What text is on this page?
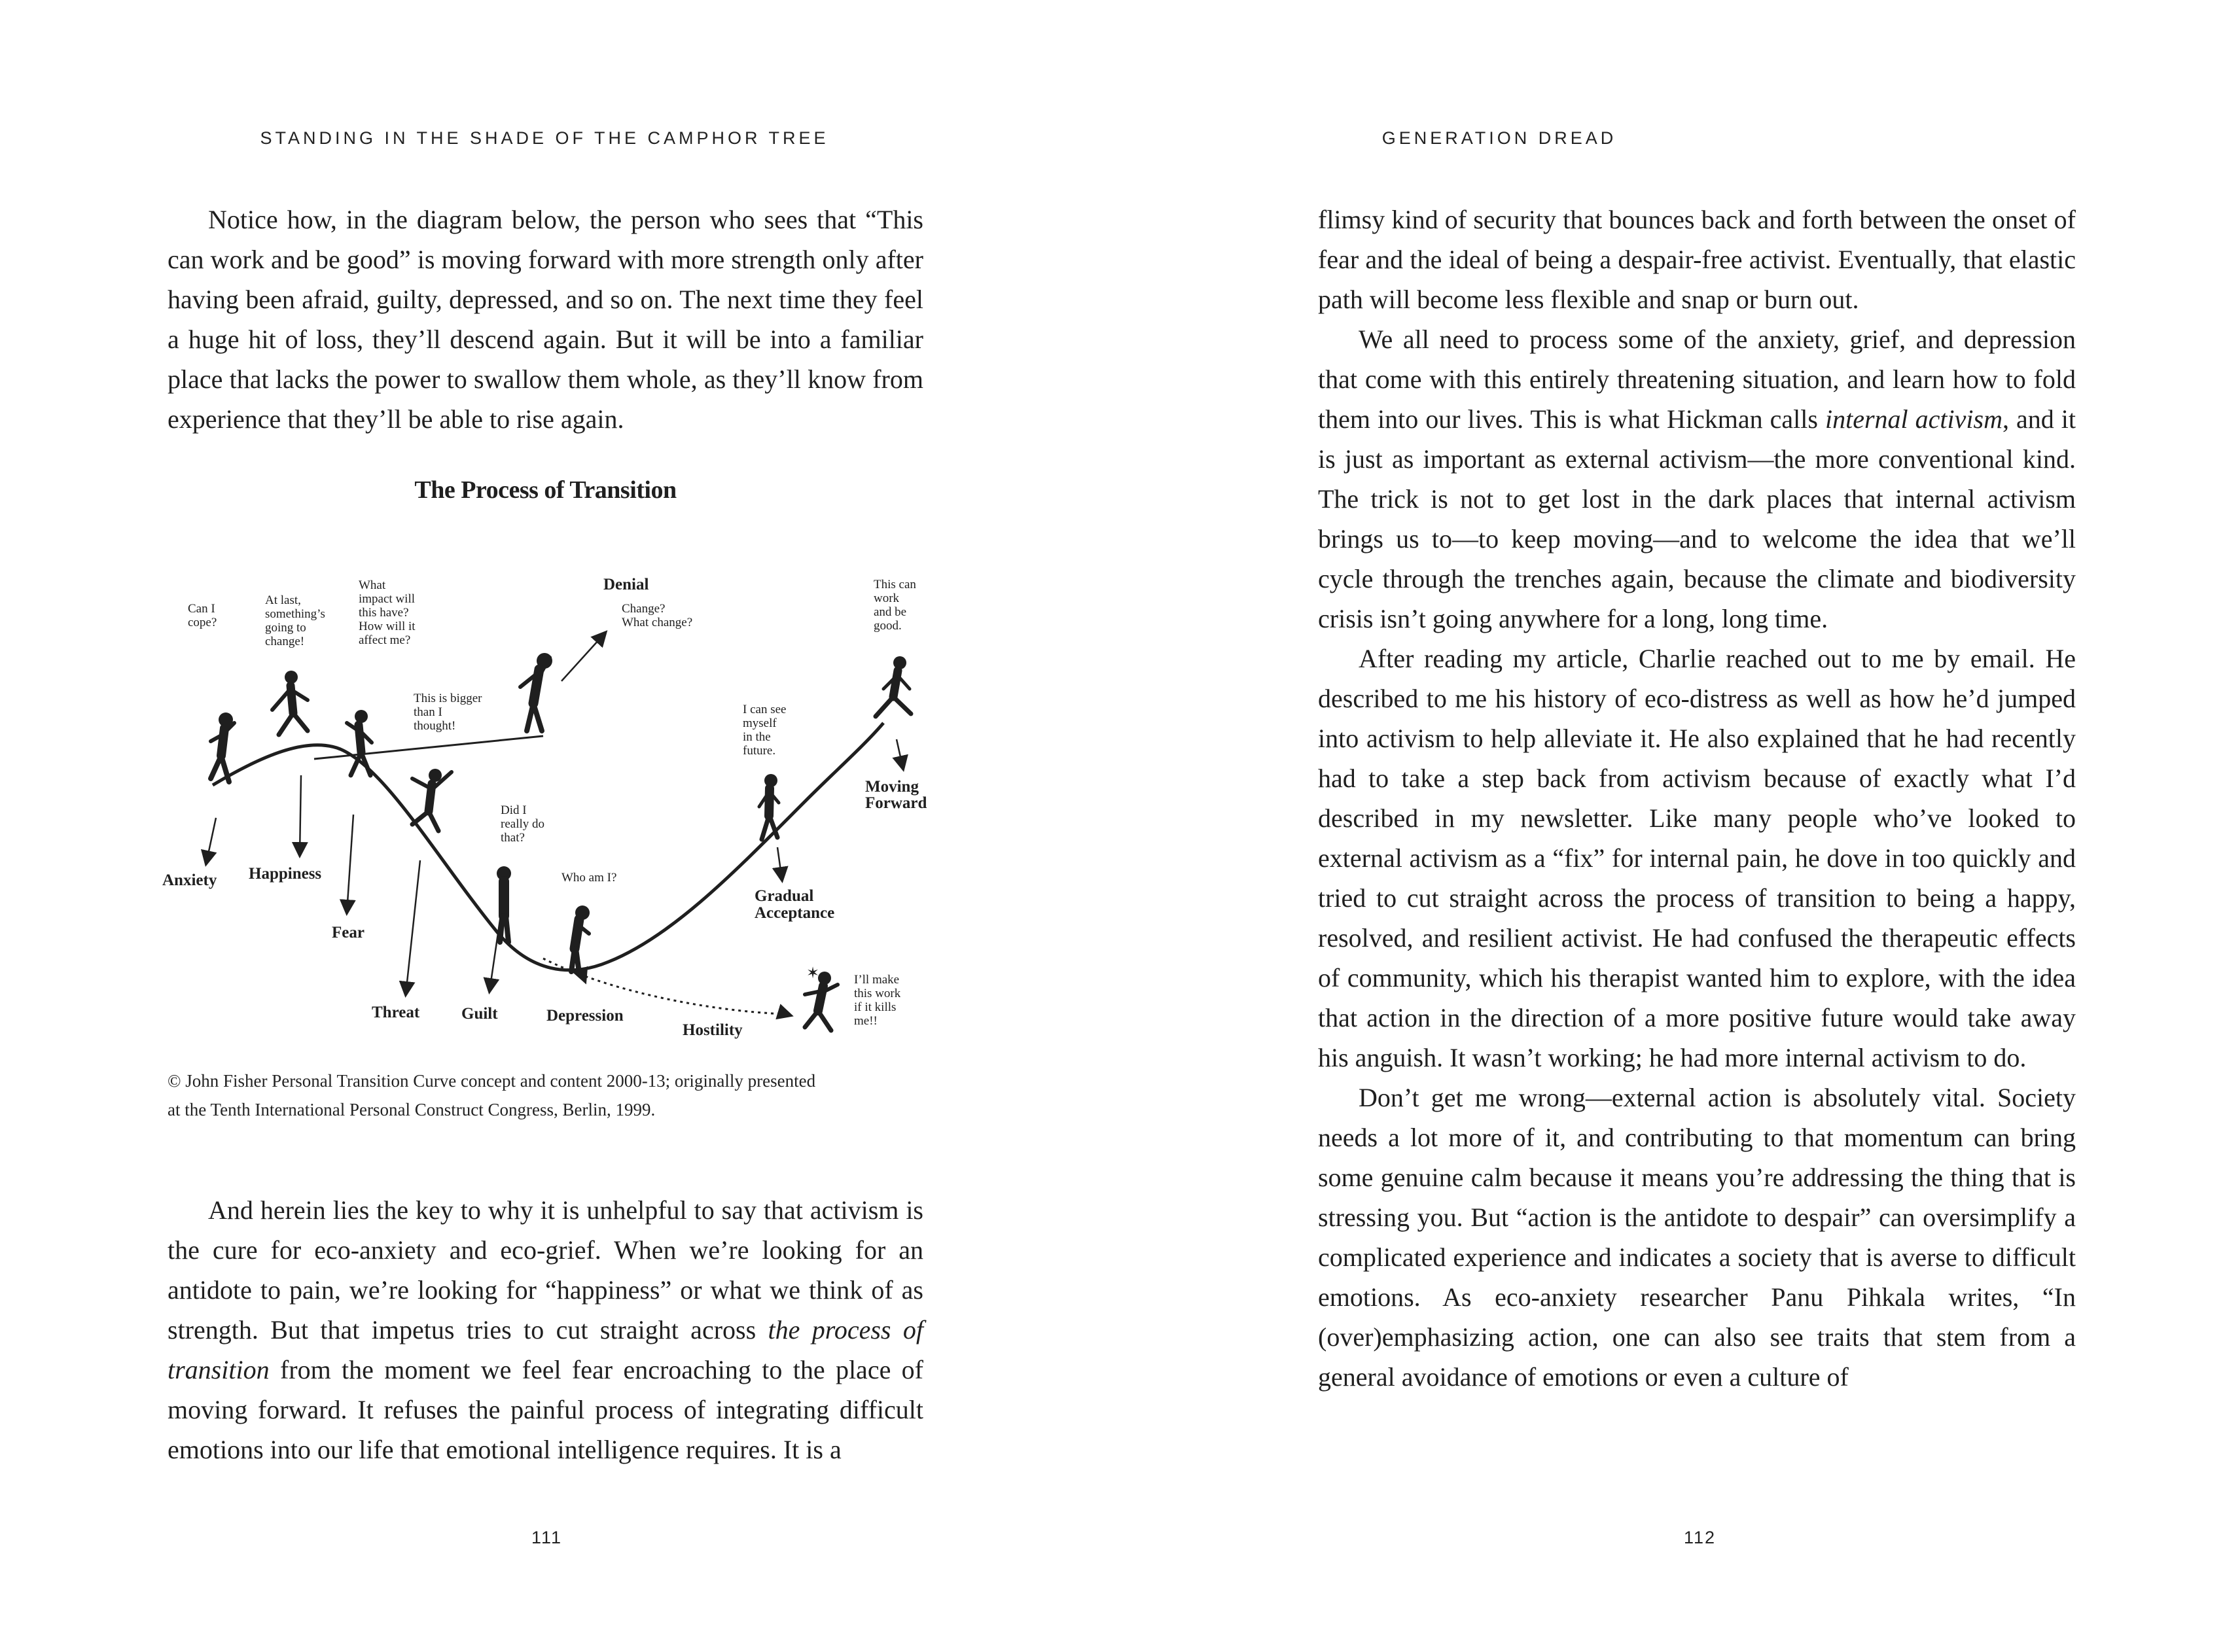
STANDING IN THE SHADE OF THE CAMPHOR TREE

Notice how, in the diagram below, the person who sees that “This can work and be good” is moving forward with more strength only after having been afraid, guilty, depressed, and so on. The next time they feel a huge hit of loss, they’ll descend again. But it will be into a familiar place that lacks the power to swallow them whole, as they’ll know from experience that they’ll be able to rise again.

The Process of Transition
✶
Anxiety Happiness
Fear
Threat	Guilt	Depression
Hostility
Denial
Gradual
Acceptance
Moving
Forward
Can I
cope?
At last,
something’s
going to
change!
What
impact will
this have?
How will it
affect me?
This is bigger
than I
thought!
Change?
What change?
Did I
really do
that?
Who am I?
I can see
myself
in the
future.
This can
work
and be
good.
I’ll make
this work
if it kills
me!!

© John Fisher Personal Transition Curve concept and content 2000-13; originally presented

at the Tenth International Personal Construct Congress, Berlin, 1999.

And herein lies the key to why it is unhelpful to say that activism is the cure for eco-anxiety and eco-grief. When we’re looking for an antidote to pain, we’re looking for “happiness” or what we think of as strength. But that impetus tries to cut straight across the process of transition from the moment we feel fear encroaching to the place of moving forward. It refuses the painful process of integrating difficult emotions into our life that emotional intelligence requires. It is a

111
GENERATION DREAD

flimsy kind of security that bounces back and forth between the onset of fear and the ideal of being a despair-free activist. Eventually, that elastic path will become less flexible and snap or burn out.

We all need to process some of the anxiety, grief, and depression that come with this entirely threatening situation, and learn how to fold them into our lives. This is what Hickman calls internal activism, and it is just as important as external activism—the more conventional kind. The trick is not to get lost in the dark places that internal activism brings us to—to keep moving—and to welcome the idea that we’ll cycle through the trenches again, because the climate and biodiversity crisis isn’t going anywhere for a long, long time.

After reading my article, Charlie reached out to me by email. He described to me his history of eco-distress as well as how he’d jumped into activism to help alleviate it. He also explained that he had recently had to take a step back from activism because of exactly what I’d described in my newsletter. Like many people who’ve looked to external activism as a “fix” for internal pain, he dove in too quickly and tried to cut straight across the process of transition to being a happy, resolved, and resilient activist. He had confused the therapeutic effects of community, which his therapist wanted him to explore, with the idea that action in the direction of a more positive future would take away his anguish. It wasn’t working; he had more internal activism to do.

Don’t get me wrong—external action is absolutely vital. Society needs a lot more of it, and contributing to that momentum can bring some genuine calm because it means you’re addressing the thing that is stressing you. But “action is the antidote to despair” can oversimplify a complicated experience and indicates a society that is averse to difficult emotions. As eco-anxiety researcher Panu Pihkala writes, “In (over)emphasizing action, one can also see traits that stem from a general avoidance of emotions or even a culture of

112
